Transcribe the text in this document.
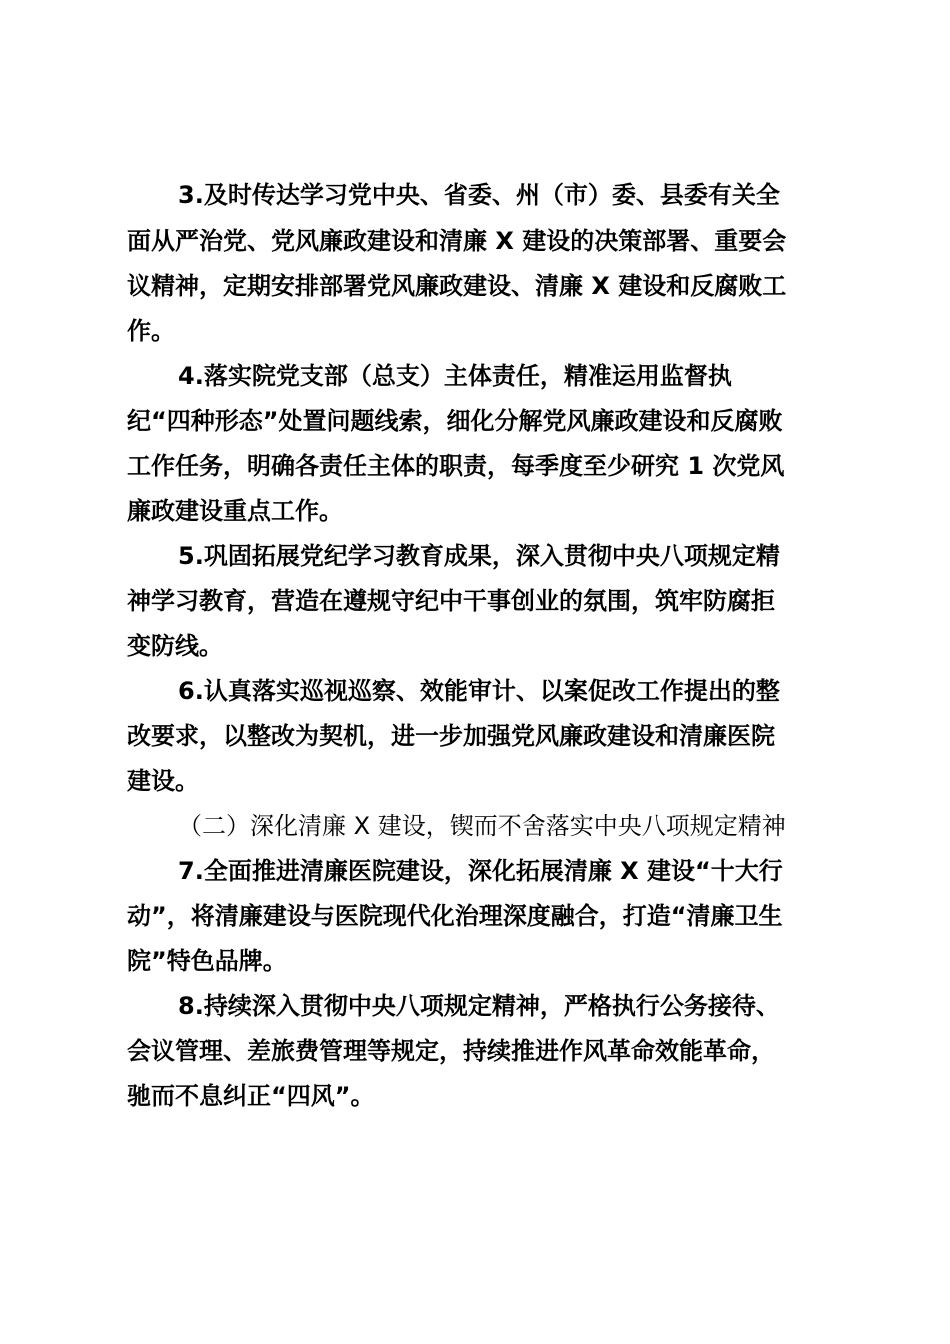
3.及时传达学习党中央、省委、州（市）委、县委有关全
面从严治党、党风廉政建设和清廉 X 建设的决策部署、重要会
议精神，定期安排部署党风廉政建设、清廉 X 建设和反腐败工
作。
4.落实院党支部（总支）主体责任，精准运用监督执
纪“四种形态”处置问题线索，细化分解党风廉政建设和反腐败
工作任务，明确各责任主体的职责，每季度至少研究 1 次党风
廉政建设重点工作。
5.巩固拓展党纪学习教育成果，深入贯彻中央八项规定精
神学习教育，营造在遵规守纪中干事创业的氛围，筑牢防腐拒
变防线。
6.认真落实巡视巡察、效能审计、以案促改工作提出的整
改要求，以整改为契机，进一步加强党风廉政建设和清廉医院
建设。
（二）深化清廉 X 建设，锲而不舍落实中央八项规定精神
7.全面推进清廉医院建设，深化拓展清廉 X 建设“十大行
动”，将清廉建设与医院现代化治理深度融合，打造“清廉卫生
院”特色品牌。
8.持续深入贯彻中央八项规定精神，严格执行公务接待、
会议管理、差旅费管理等规定，持续推进作风革命效能革命，
驰而不息纠正“四风”。
